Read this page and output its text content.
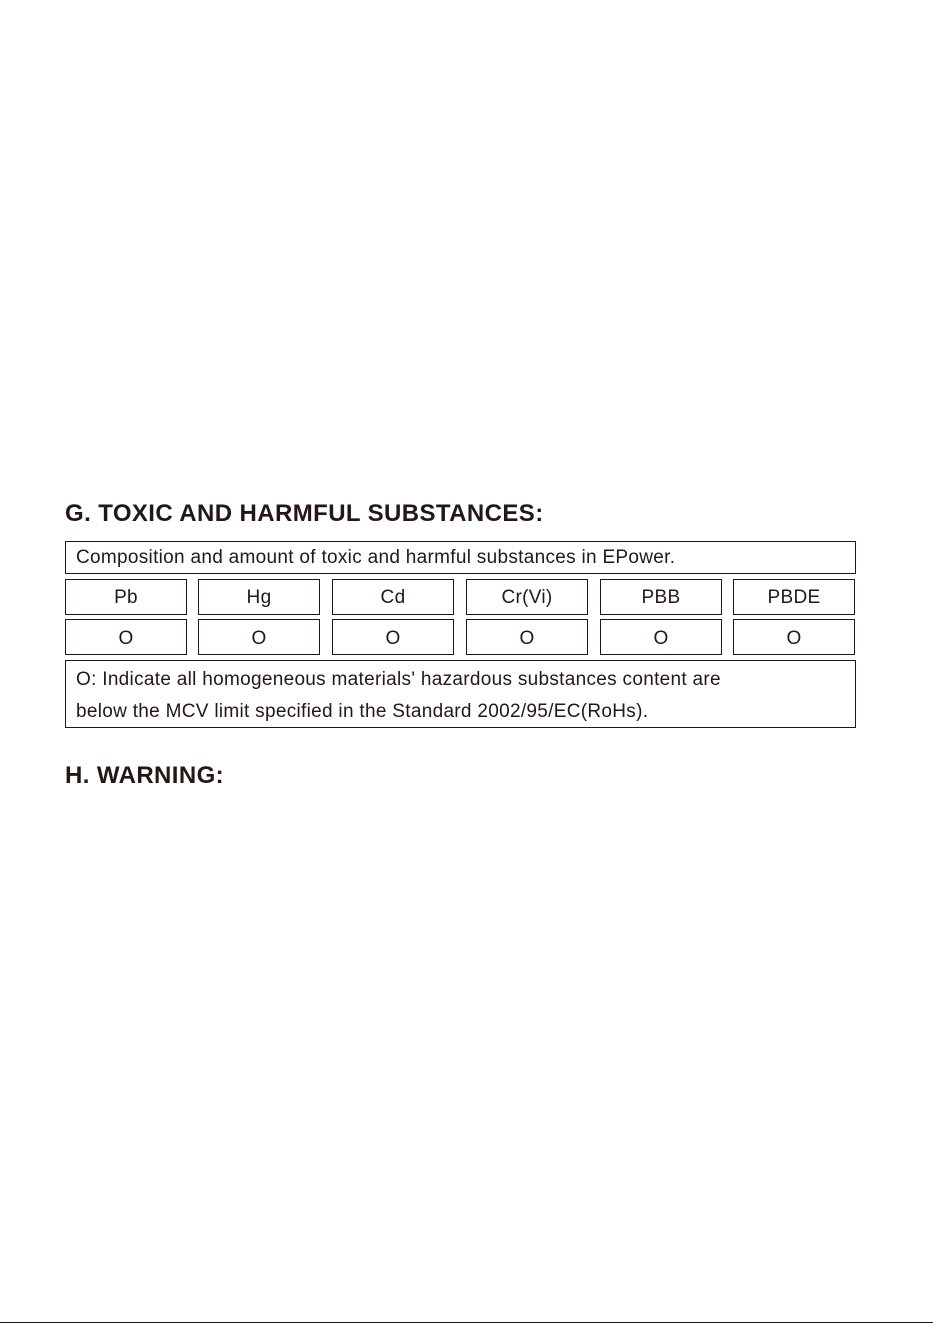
G. TOXIC AND HARMFUL SUBSTANCES:
Composition and amount of toxic and harmful substances in EPower.
Pb	Hg	Cd	Cr(Vi)	PBB	PBDE
O	O	O	O	O	O
O: Indicate all homogeneous materials' hazardous substances content are
below the MCV limit specified in the Standard 2002/95/EC(RoHs).
H. WARNING:
